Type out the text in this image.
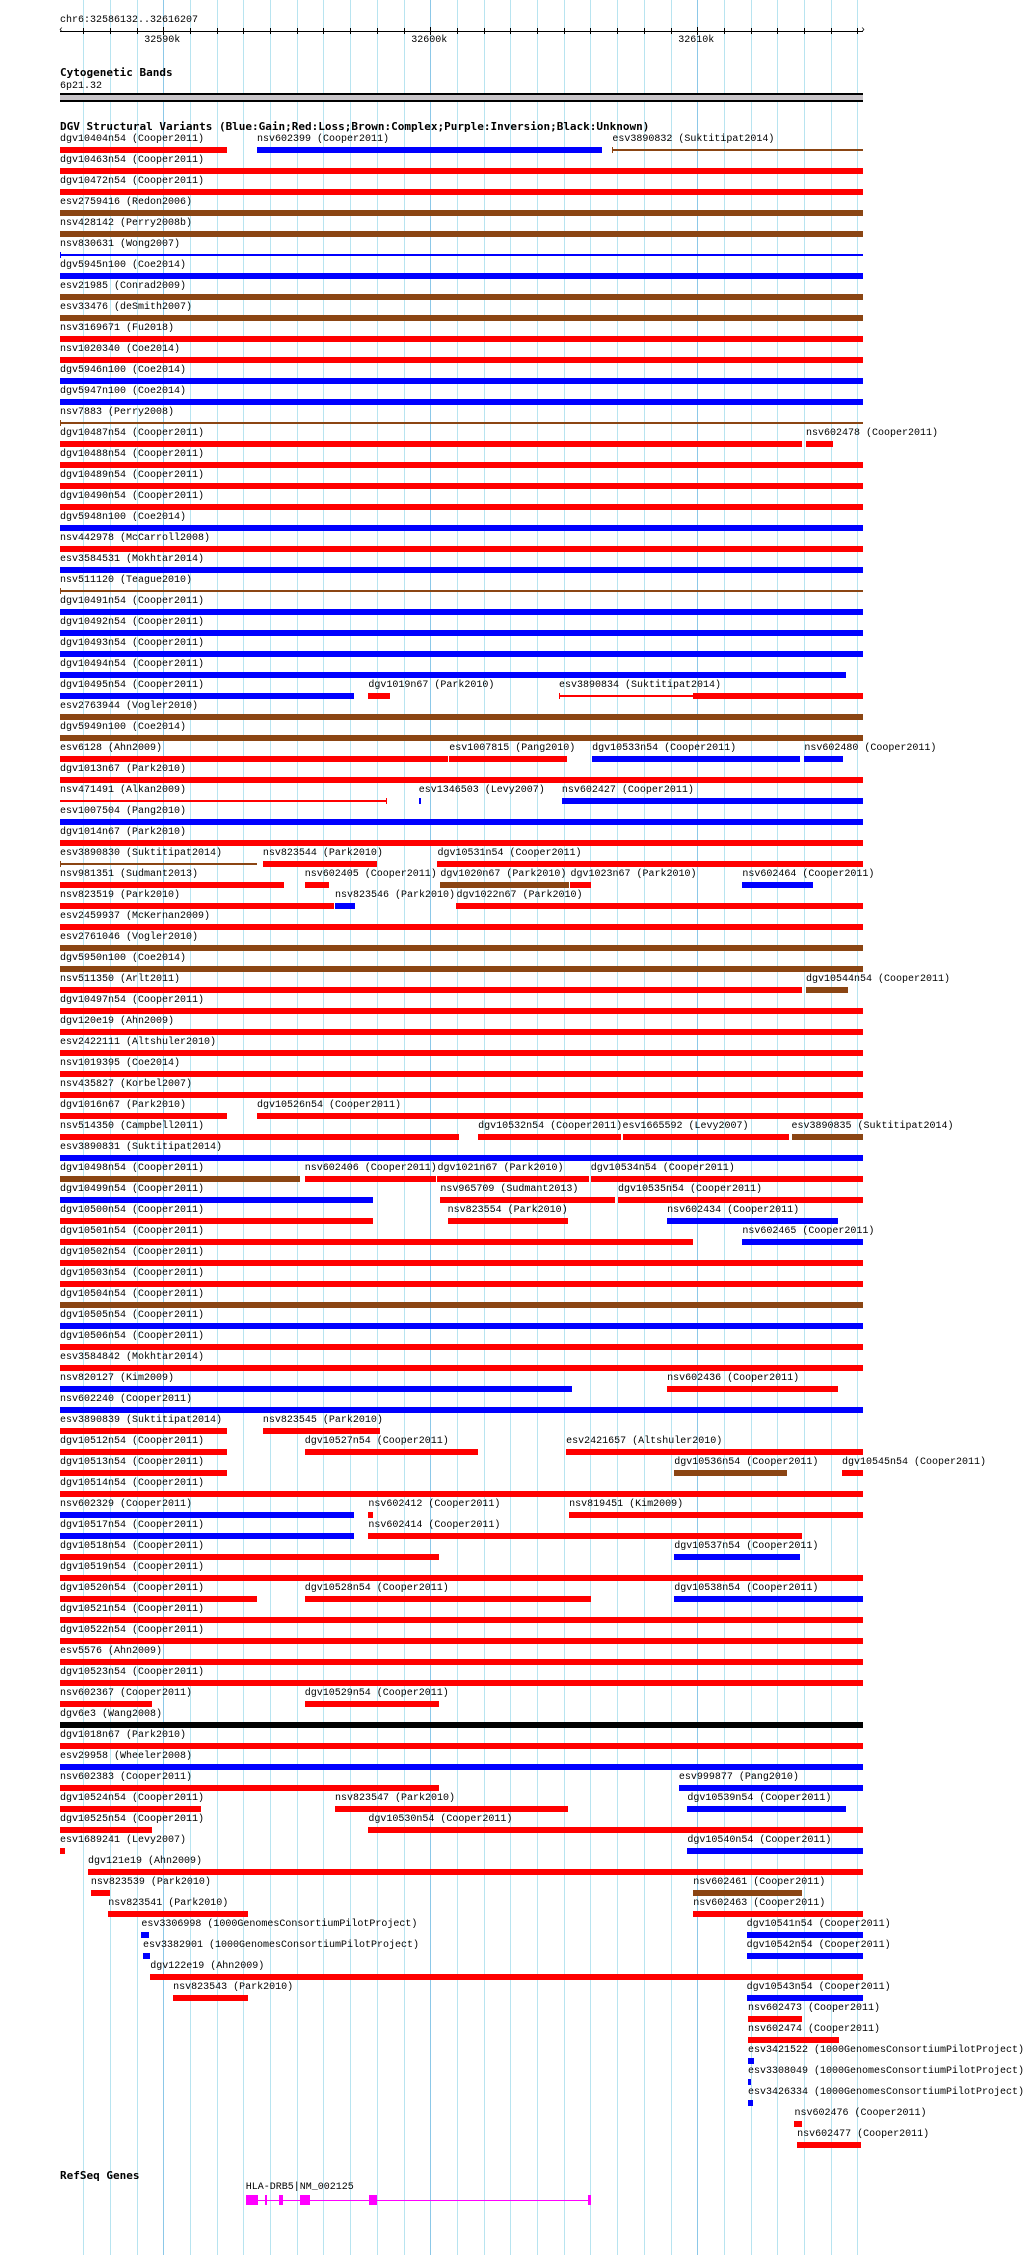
chr6:32586132..32616207
‹	›
32590k	32600k	32610k
Cytogenetic Bands
6p21.32
DGV Structural Variants (Blue:Gain;Red:Loss;Brown:Complex;Purple:Inversion;Black:Unknown)
dgv10404n54 (Cooper2011)	nsv602399 (Cooper2011)	esv3890832 (Suktitipat2014)
dgv10463n54 (Cooper2011)
dgv10472n54 (Cooper2011)
esv2759416 (Redon2006)
nsv428142 (Perry2008b)
nsv830631 (Wong2007)
dgv5945n100 (Coe2014)
esv21985 (Conrad2009)
esv33476 (deSmith2007)
nsv3169671 (Fu2018)
nsv1020340 (Coe2014)
dgv5946n100 (Coe2014)
dgv5947n100 (Coe2014)
nsv7883 (Perry2008)
dgv10487n54 (Cooper2011)	nsv602478 (Cooper2011)
dgv10488n54 (Cooper2011)
dgv10489n54 (Cooper2011)
dgv10490n54 (Cooper2011)
dgv5948n100 (Coe2014)
nsv442978 (McCarroll2008)
esv3584531 (Mokhtar2014)
nsv511120 (Teague2010)
dgv10491n54 (Cooper2011)
dgv10492n54 (Cooper2011)
dgv10493n54 (Cooper2011)
dgv10494n54 (Cooper2011)
dgv10495n54 (Cooper2011)	dgv1019n67 (Park2010)	esv3890834 (Suktitipat2014)
esv2763944 (Vogler2010)
dgv5949n100 (Coe2014)
esv6128 (Ahn2009)	esv1007815 (Pang2010) dgv10533n54 (Cooper2011)	nsv602480 (Cooper2011)
dgv1013n67 (Park2010)
nsv471491 (Alkan2009)	esv1346503 (Levy2007) nsv602427 (Cooper2011)
esv1007504 (Pang2010)
dgv1014n67 (Park2010)
esv3890830 (Suktitipat2014)	nsv823544 (Park2010)	dgv10531n54 (Cooper2011)
nsv981351 (Sudmant2013)	nsv602405 (Cooper2011) dgv1020n67 (Park2010) dgv1023n67 (Park2010)	nsv602464 (Cooper2011)
nsv823519 (Park2010)	nsv823546 (Park2010) dgv1022n67 (Park2010)
esv2459937 (McKernan2009)
esv2761046 (Vogler2010)
dgv5950n100 (Coe2014)
nsv511350 (Arlt2011)	dgv10544n54 (Cooper2011)
dgv10497n54 (Cooper2011)
dgv120e19 (Ahn2009)
esv2422111 (Altshuler2010)
nsv1019395 (Coe2014)
nsv435827 (Korbel2007)
dgv1016n67 (Park2010)	dgv10526n54 (Cooper2011)
nsv514350 (Campbell2011)	dgv10532n54 (Cooper2011) esv1665592 (Levy2007)	esv3890835 (Suktitipat2014)
esv3890831 (Suktitipat2014)
dgv10498n54 (Cooper2011)	nsv602406 (Cooper2011) dgv1021n67 (Park2010)	dgv10534n54 (Cooper2011)
dgv10499n54 (Cooper2011)	nsv965709 (Sudmant2013)	dgv10535n54 (Cooper2011)
dgv10500n54 (Cooper2011)	nsv823554 (Park2010)	nsv602434 (Cooper2011)
dgv10501n54 (Cooper2011)	nsv602465 (Cooper2011)
dgv10502n54 (Cooper2011)
dgv10503n54 (Cooper2011)
dgv10504n54 (Cooper2011)
dgv10505n54 (Cooper2011)
dgv10506n54 (Cooper2011)
esv3584842 (Mokhtar2014)
nsv820127 (Kim2009)	nsv602436 (Cooper2011)
nsv602240 (Cooper2011)
esv3890839 (Suktitipat2014)	nsv823545 (Park2010)
dgv10512n54 (Cooper2011)	dgv10527n54 (Cooper2011)	esv2421657 (Altshuler2010)
dgv10513n54 (Cooper2011)	dgv10536n54 (Cooper2011) dgv10545n54 (Cooper2011)
dgv10514n54 (Cooper2011)
nsv602329 (Cooper2011)	nsv602412 (Cooper2011)	nsv819451 (Kim2009)
dgv10517n54 (Cooper2011)	nsv602414 (Cooper2011)
dgv10518n54 (Cooper2011)	dgv10537n54 (Cooper2011)
dgv10519n54 (Cooper2011)
dgv10520n54 (Cooper2011)	dgv10528n54 (Cooper2011)	dgv10538n54 (Cooper2011)
dgv10521n54 (Cooper2011)
dgv10522n54 (Cooper2011)
esv5576 (Ahn2009)
dgv10523n54 (Cooper2011)
nsv602367 (Cooper2011)	dgv10529n54 (Cooper2011)
dgv6e3 (Wang2008)
dgv1018n67 (Park2010)
esv29958 (Wheeler2008)
nsv602383 (Cooper2011)	esv999877 (Pang2010)
dgv10524n54 (Cooper2011)	nsv823547 (Park2010)	dgv10539n54 (Cooper2011)
dgv10525n54 (Cooper2011)	dgv10530n54 (Cooper2011)
esv1689241 (Levy2007)	dgv10540n54 (Cooper2011)
dgv121e19 (Ahn2009)
nsv823539 (Park2010)	nsv602461 (Cooper2011)
nsv823541 (Park2010)	nsv602463 (Cooper2011)
esv3306998 (1000GenomesConsortiumPilotProject)	dgv10541n54 (Cooper2011)
esv3382901 (1000GenomesConsortiumPilotProject)	dgv10542n54 (Cooper2011)
dgv122e19 (Ahn2009)
nsv823543 (Park2010)	dgv10543n54 (Cooper2011)
nsv602473 (Cooper2011)
nsv602474 (Cooper2011)
esv3421522 (1000GenomesConsortiumPilotProject)
esv3308049 (1000GenomesConsortiumPilotProject)
esv3426334 (1000GenomesConsortiumPilotProject)
nsv602476 (Cooper2011)
nsv602477 (Cooper2011)
RefSeq Genes
HLA-DRB5|NM_002125
